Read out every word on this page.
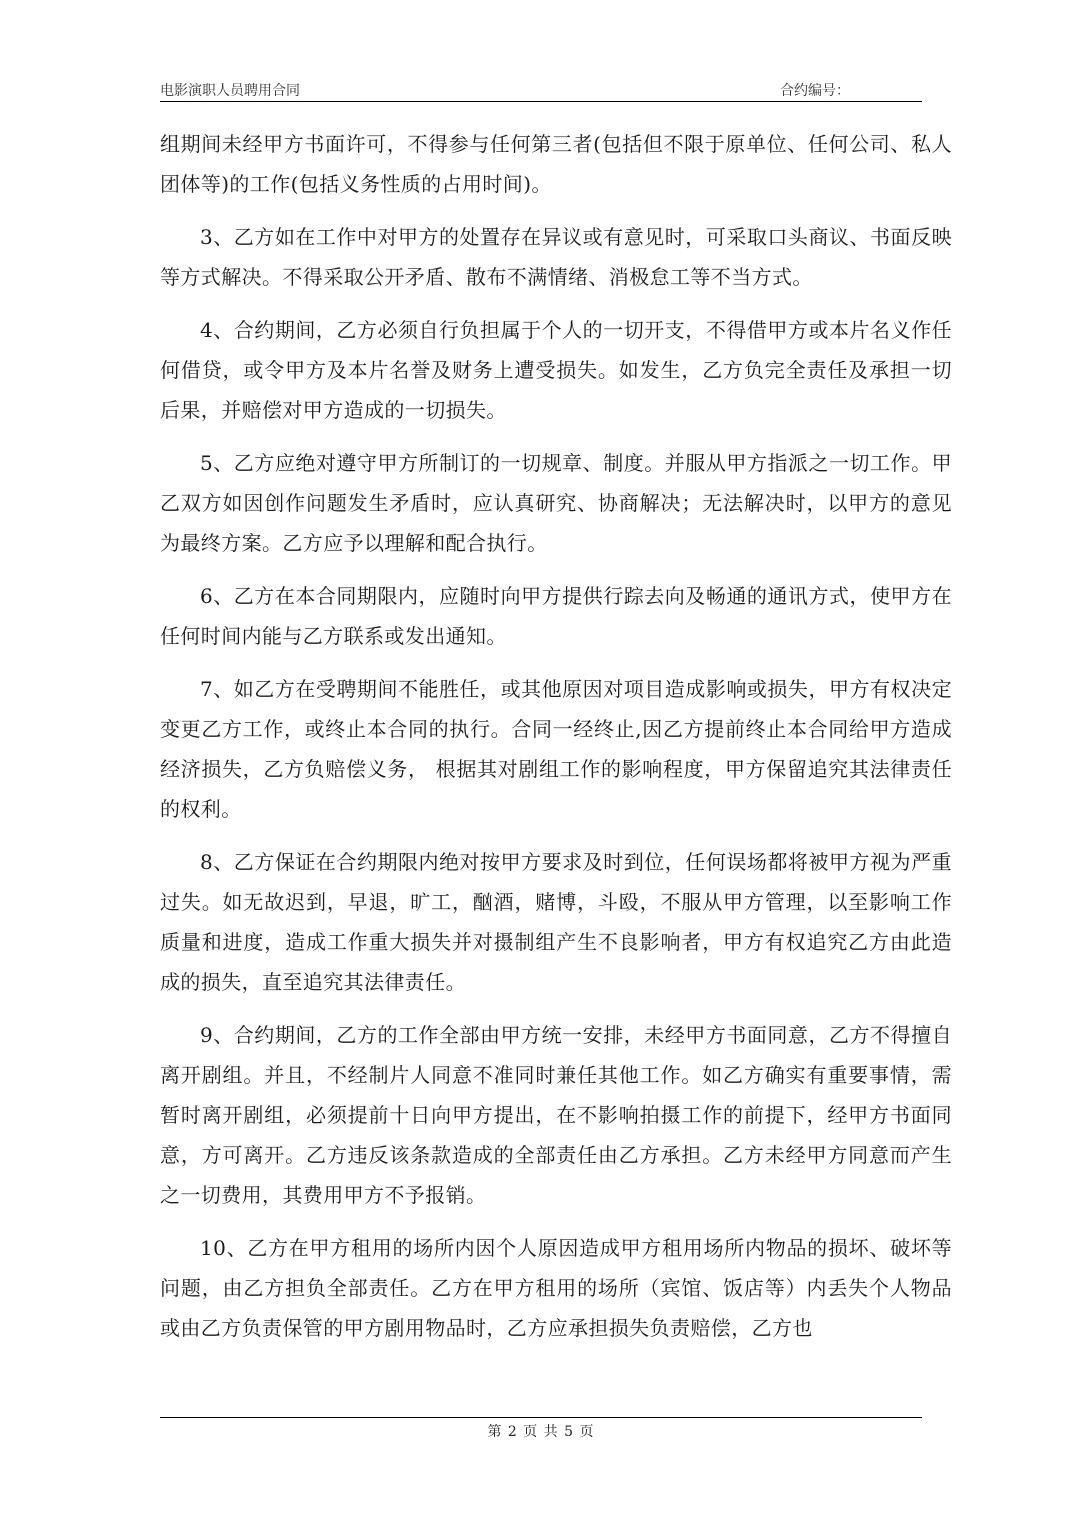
电影演职人员聘用合同	合约编号：

组期间未经甲方书面许可，不得参与任何第三者(包括但不限于原单位、任何公司、私人团体等)的工作(包括义务性质的占用时间)。

3、乙方如在工作中对甲方的处置存在异议或有意见时，可采取口头商议、书面反映等方式解决。不得采取公开矛盾、散布不满情绪、消极怠工等不当方式。

4、合约期间，乙方必须自行负担属于个人的一切开支，不得借甲方或本片名义作任何借贷，或令甲方及本片名誉及财务上遭受损失。如发生，乙方负完全责任及承担一切后果，并赔偿对甲方造成的一切损失。

5、乙方应绝对遵守甲方所制订的一切规章、制度。并服从甲方指派之一切工作。甲乙双方如因创作问题发生矛盾时，应认真研究、协商解决；无法解决时，以甲方的意见为最终方案。乙方应予以理解和配合执行。

6、乙方在本合同期限内，应随时向甲方提供行踪去向及畅通的通讯方式，使甲方在任何时间内能与乙方联系或发出通知。

7、如乙方在受聘期间不能胜任，或其他原因对项目造成影响或损失，甲方有权决定变更乙方工作，或终止本合同的执行。合同一经终止,因乙方提前终止本合同给甲方造成经济损失，乙方负赔偿义务， 根据其对剧组工作的影响程度，甲方保留追究其法律责任的权利。

8、乙方保证在合约期限内绝对按甲方要求及时到位，任何误场都将被甲方视为严重过失。如无故迟到，早退，旷工，酗酒，赌博，斗殴，不服从甲方管理，以至影响工作质量和进度，造成工作重大损失并对摄制组产生不良影响者，甲方有权追究乙方由此造成的损失，直至追究其法律责任。

9、合约期间，乙方的工作全部由甲方统一安排，未经甲方书面同意，乙方不得擅自离开剧组。并且，不经制片人同意不准同时兼任其他工作。如乙方确实有重要事情，需暂时离开剧组，必须提前十日向甲方提出，在不影响拍摄工作的前提下，经甲方书面同意，方可离开。乙方违反该条款造成的全部责任由乙方承担。乙方未经甲方同意而产生之一切费用，其费用甲方不予报销。

10、乙方在甲方租用的场所内因个人原因造成甲方租用场所内物品的损坏、破坏等问题，由乙方担负全部责任。乙方在甲方租用的场所（宾馆、饭店等）内丢失个人物品或由乙方负责保管的甲方剧用物品时，乙方应承担损失负责赔偿，乙方也

第 2 页 共 5 页
